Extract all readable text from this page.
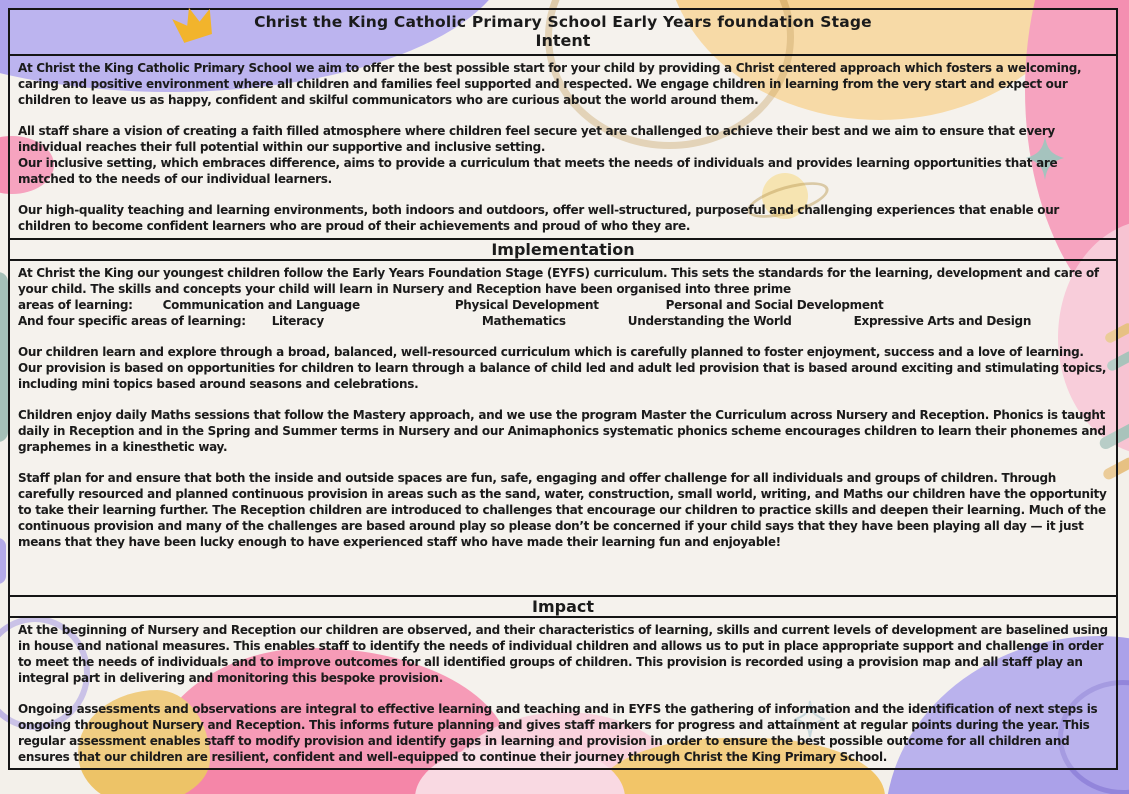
Christ the King Catholic Primary School Early Years foundation Stage
Intent

At Christ the King Catholic Primary School we aim to offer the best possible start for your child by providing a Christ centered approach which fosters a welcoming, caring and positive environment where all children and families feel supported and respected. We engage children in learning from the very start and expect our children to leave us as happy, confident and skilful communicators who are curious about the world around them.

All staff share a vision of creating a faith filled atmosphere where children feel secure yet are challenged to achieve their best and we aim to ensure that every individual reaches their full potential within our supportive and inclusive setting.

Our inclusive setting, which embraces difference, aims to provide a curriculum that meets the needs of individuals and provides learning opportunities that are matched to the needs of our individual learners.

Our high-quality teaching and learning environments, both indoors and outdoors, offer well-structured, purposeful and challenging experiences that enable our children to become confident learners who are proud of their achievements and proud of who they are.

Implementation

At Christ the King our youngest children follow the Early Years Foundation Stage (EYFS) curriculum. This sets the standards for the learning, development and care of your child. The skills and concepts your child will learn in Nursery and Reception have been organised into three prime

areas of learning:	Communication and Language	Physical Development	Personal and Social Development
And four specific areas of learning: Literacy	Mathematics	Understanding the World	Expressive Arts and Design

Our children learn and explore through a broad, balanced, well-resourced curriculum which is carefully planned to foster enjoyment, success and a love of learning. Our provision is based on opportunities for children to learn through a balance of child led and adult led provision that is based around exciting and stimulating topics, including mini topics based around seasons and celebrations.

Children enjoy daily Maths sessions that follow the Mastery approach, and we use the program Master the Curriculum across Nursery and Reception. Phonics is taught daily in Reception and in the Spring and Summer terms in Nursery and our Animaphonics systematic phonics scheme encourages children to learn their phonemes and graphemes in a kinesthetic way.

Staff plan for and ensure that both the inside and outside spaces are fun, safe, engaging and offer challenge for all individuals and groups of children. Through carefully resourced and planned continuous provision in areas such as the sand, water, construction, small world, writing, and Maths our children have the opportunity to take their learning further. The Reception children are introduced to challenges that encourage our children to practice skills and deepen their learning. Much of the continuous provision and many of the challenges are based around play so please don’t be concerned if your child says that they have been playing all day — it just means that they have been lucky enough to have experienced staff who have made their learning fun and enjoyable!

Impact

At the beginning of Nursery and Reception our children are observed, and their characteristics of learning, skills and current levels of development are baselined using in house and national measures. This enables staff to identify the needs of individual children and allows us to put in place appropriate support and challenge in order to meet the needs of individuals and to improve outcomes for all identified groups of children. This provision is recorded using a provision map and all staff play an integral part in delivering and monitoring this bespoke provision.

Ongoing assessments and observations are integral to effective learning and teaching and in EYFS the gathering of information and the identification of next steps is ongoing throughout Nursery and Reception. This informs future planning and gives staff markers for progress and attainment at regular points during the year. This regular assessment enables staff to modify provision and identify gaps in learning and provision in order to ensure the best possible outcome for all children and ensures that our children are resilient, confident and well-equipped to continue their journey through Christ the King Primary School.
